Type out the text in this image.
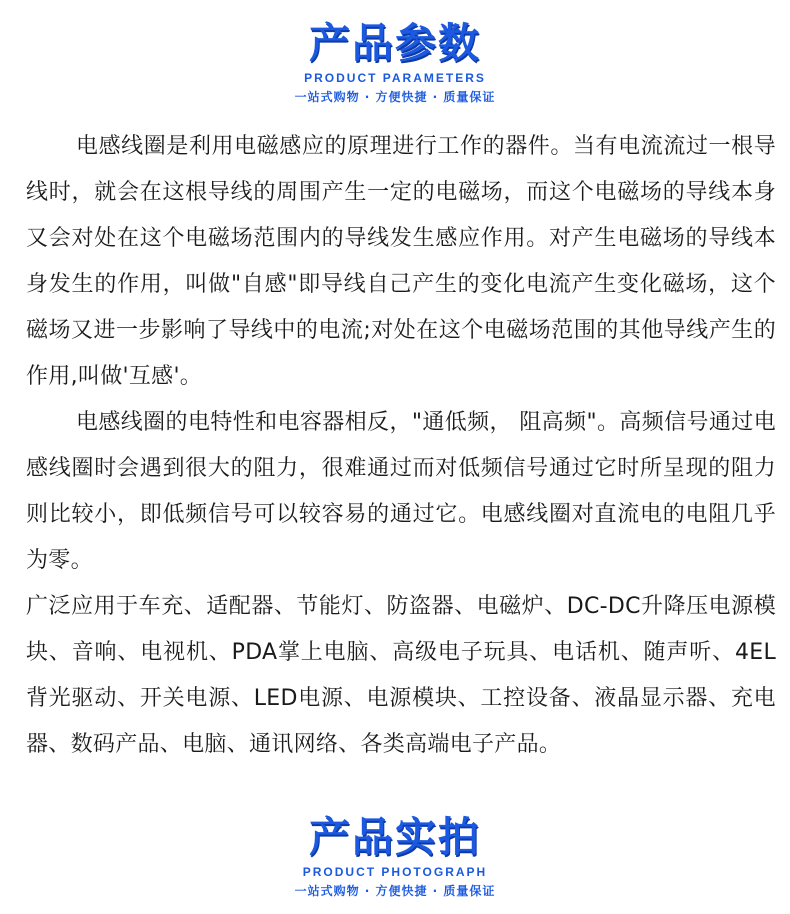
产品参数
PRODUCT PARAMETERS
一站式购物 · 方便快捷 · 质量保证

电感线圈是利用电磁感应的原理进行工作的器件。当有电流流过一根导线时，就会在这根导线的周围产生一定的电磁场，而这个电磁场的导线本身又会对处在这个电磁场范围内的导线发生感应作用。对产生电磁场的导线本身发生的作用，叫做"自感"即导线自己产生的变化电流产生变化磁场，这个磁场又进一步影响了导线中的电流;对处在这个电磁场范围的其他导线产生的作用,叫做'互感'。

电感线圈的电特性和电容器相反，"通低频， 阻高频"。高频信号通过电感线圈时会遇到很大的阻力，很难通过而对低频信号通过它时所呈现的阻力则比较小，即低频信号可以较容易的通过它。电感线圈对直流电的电阻几乎为零。

广泛应用于车充、适配器、节能灯、防盗器、电磁炉、DC-DC升降压电源模块、音响、电视机、PDA掌上电脑、高级电子玩具、电话机、随声听、4EL背光驱动、开关电源、LED电源、电源模块、工控设备、液晶显示器、充电器、数码产品、电脑、通讯网络、各类高端电子产品。

产品实拍
PRODUCT PHOTOGRAPH
一站式购物 · 方便快捷 · 质量保证
